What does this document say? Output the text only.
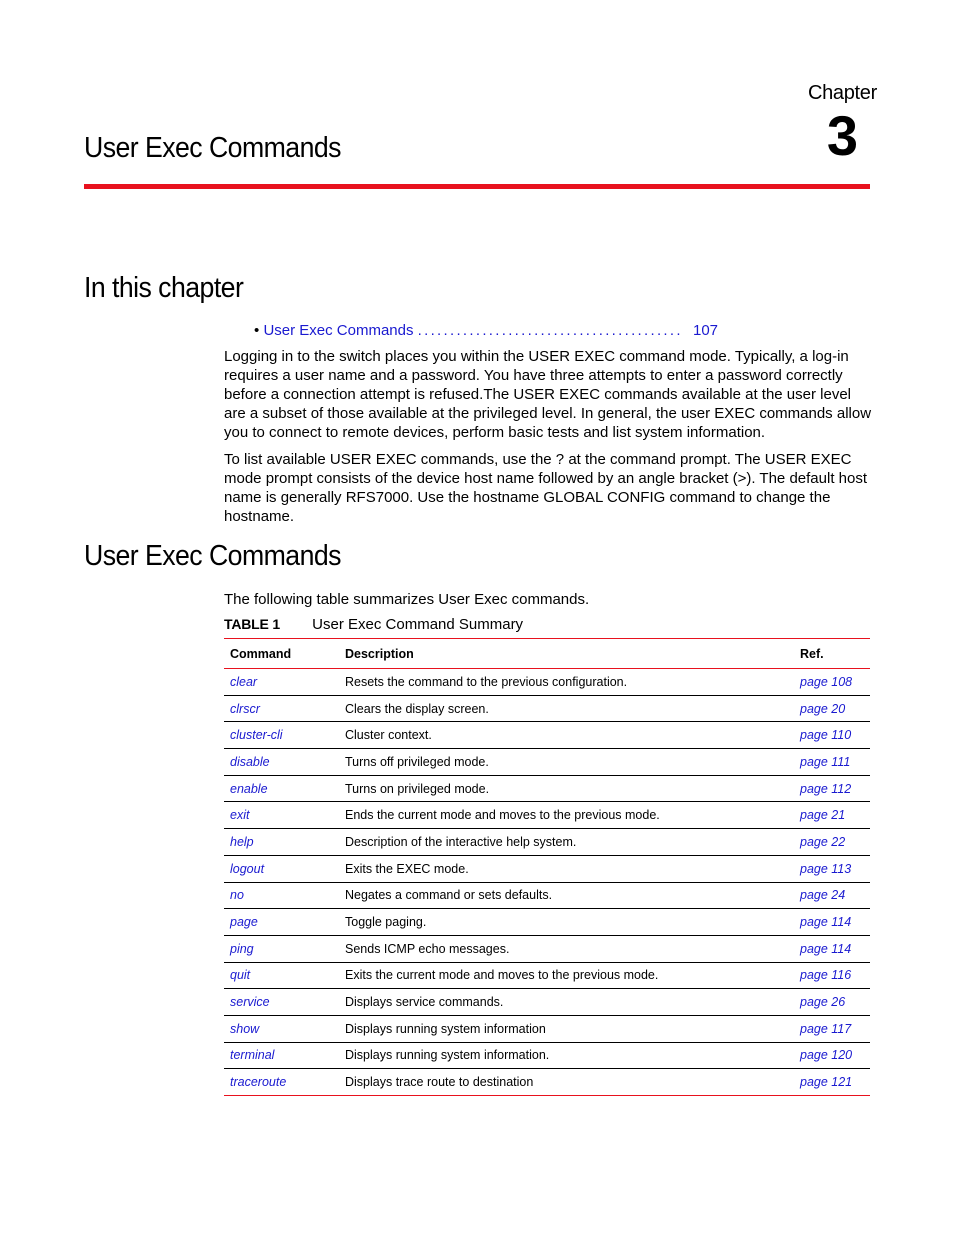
Chapter
3
User Exec Commands
In this chapter
• User Exec Commands ......................................... 107

Logging in to the switch places you within the USER EXEC command mode. Typically, a log-in requires a user name and a password. You have three attempts to enter a password correctly before a connection attempt is refused.The USER EXEC commands available at the user level are a subset of those available at the privileged level. In general, the user EXEC commands allow you to connect to remote devices, perform basic tests and list system information.

To list available USER EXEC commands, use the ? at the command prompt. The USER EXEC mode prompt consists of the device host name followed by an angle bracket (>). The default host name is generally RFS7000. Use the hostname GLOBAL CONFIG command to change the hostname.

User Exec Commands

The following table summarizes User Exec commands.

TABLE 1 User Exec Command Summary
Command	Description	Ref.
clear	Resets the command to the previous configuration.	page 108
clrscr	Clears the display screen.	page 20
cluster-cli	Cluster context.	page 110
disable	Turns off privileged mode.	page 111
enable	Turns on privileged mode.	page 112
exit	Ends the current mode and moves to the previous mode.	page 21
help	Description of the interactive help system.	page 22
logout	Exits the EXEC mode.	page 113
no	Negates a command or sets defaults.	page 24
page	Toggle paging.	page 114
ping	Sends ICMP echo messages.	page 114
quit	Exits the current mode and moves to the previous mode.	page 116
service	Displays service commands.	page 26
show	Displays running system information	page 117
terminal	Displays running system information.	page 120
traceroute	Displays trace route to destination	page 121
